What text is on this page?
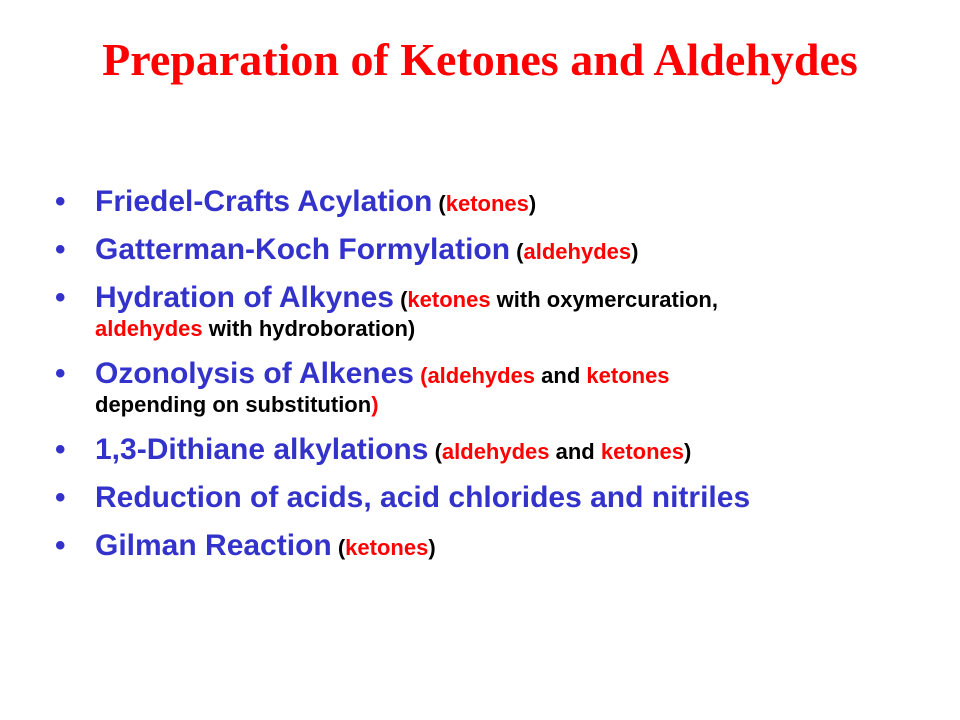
Preparation of Ketones and Aldehydes
• Friedel-Crafts Acylation (ketones)
• Gatterman-Koch Formylation (aldehydes)
• Hydration of Alkynes (ketones with oxymercuration,
aldehydes with hydroboration)
• Ozonolysis of Alkenes (aldehydes and ketones
depending on substitution)
• 1,3-Dithiane alkylations (aldehydes and ketones)
• Reduction of acids, acid chlorides and nitriles
• Gilman Reaction (ketones)
